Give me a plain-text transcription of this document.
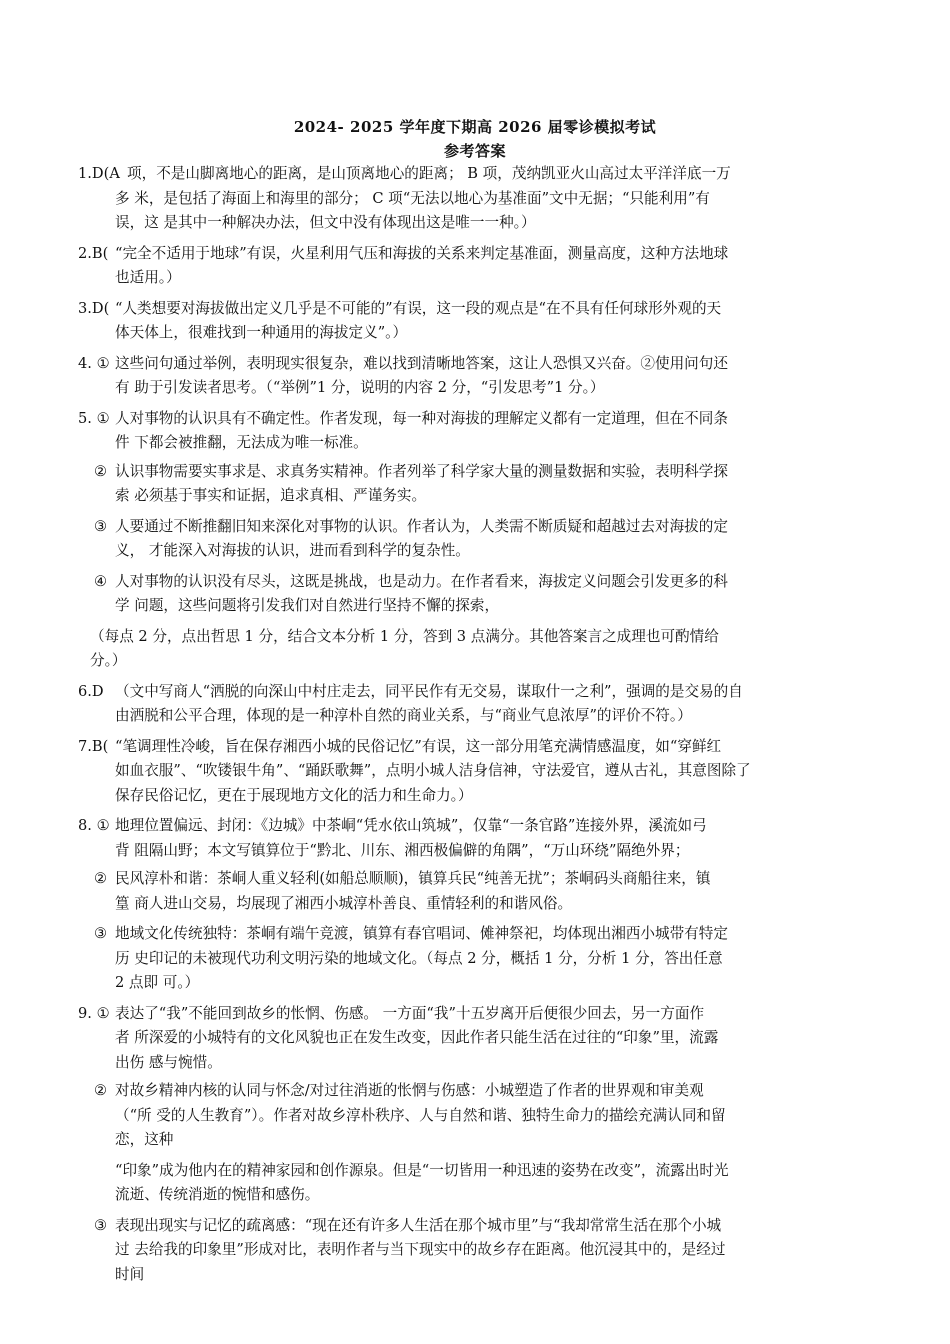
2024- 2025 学年度下期高 2026 届零诊模拟考试
参考答案
1.D(A 项，不是山脚离地心的距离，是山顶离地心的距离； B 项，茂纳凯亚火山高过太平洋洋底一万
多 米，是包括了海面上和海里的部分； C 项“无法以地心为基准面”文中无据；“只能利用”有
误，这 是其中一种解决办法，但文中没有体现出这是唯一一种。）
2.B( “完全不适用于地球”有误，火星利用气压和海拔的关系来判定基准面，测量高度，这种方法地球
也适用。）
3.D( “人类想要对海拔做出定义几乎是不可能的”有误，这一段的观点是“在不具有任何球形外观的天
体天体上，很难找到一种通用的海拔定义”。）
4. ① 这些问句通过举例，表明现实很复杂，难以找到清晰地答案，这让人恐惧又兴奋。②使用问句还
有 助于引发读者思考。（“举例”1 分，说明的内容 2 分，“引发思考”1 分。）
5. ① 人对事物的认识具有不确定性。作者发现，每一种对海拔的理解定义都有一定道理，但在不同条
件 下都会被推翻，无法成为唯一标准。
② 认识事物需要实事求是、求真务实精神。作者列举了科学家大量的测量数据和实验，表明科学探
索 必须基于事实和证据，追求真相、严谨务实。
③ 人要通过不断推翻旧知来深化对事物的认识。作者认为，人类需不断质疑和超越过去对海拔的定
义， 才能深入对海拔的认识，进而看到科学的复杂性。
④ 人对事物的认识没有尽头，这既是挑战，也是动力。在作者看来，海拔定义问题会引发更多的科
学 问题，这些问题将引发我们对自然进行坚持不懈的探索，
（每点 2 分，点出哲思 1 分，结合文本分析 1 分，答到 3 点满分。其他答案言之成理也可酌情给
分。）
6.D （文中写商人“洒脱的向深山中村庄走去，同平民作有无交易，谋取什一之利”，强调的是交易的自
由洒脱和公平合理，体现的是一种淳朴自然的商业关系，与“商业气息浓厚”的评价不符。）
7.B( “笔调理性冷峻，旨在保存湘西小城的民俗记忆”有误，这一部分用笔充满情感温度，如“穿鲜红
如血衣服”、“吹镂银牛角”、“踊跃歌舞”，点明小城人洁身信神，守法爱官，遵从古礼，其意图除了
保存民俗记忆，更在于展现地方文化的活力和生命力。）
8. ① 地理位置偏远、封闭：《边城》中茶峒“凭水依山筑城”，仅靠“一条官路”连接外界，溪流如弓
背 阻隔山野；本文写镇算位于“黔北、川东、湘西极偏僻的角隅”，“万山环绕”隔绝外界；
② 民风淳朴和谐：茶峒人重义轻利(如船总顺顺)，镇算兵民“纯善无扰”；茶峒码头商船往来，镇
篁 商人进山交易，均展现了湘西小城淳朴善良、重情轻利的和谐风俗。
③ 地域文化传统独特：茶峒有端午竞渡，镇算有春官唱词、傩神祭祀，均体现出湘西小城带有特定
历 史印记的未被现代功利文明污染的地域文化。（每点 2 分，概括 1 分，分析 1 分，答出任意
2 点即 可。）
9. ① 表达了“我”不能回到故乡的怅惘、伤感。 一方面“我”十五岁离开后便很少回去，另一方面作
者 所深爱的小城特有的文化风貌也正在发生改变，因此作者只能生活在过往的“印象”里，流露
出伤 感与惋惜。
② 对故乡精神内核的认同与怀念/对过往消逝的怅惘与伤感：小城塑造了作者的世界观和审美观
（“所 受的人生教育”）。作者对故乡淳朴秩序、人与自然和谐、独特生命力的描绘充满认同和留
恋，这种
“印象”成为他内在的精神家园和创作源泉。但是“一切皆用一种迅速的姿势在改变”，流露出时光
流逝、传统消逝的惋惜和感伤。
③ 表现出现实与记忆的疏离感：“现在还有许多人生活在那个城市里”与“我却常常生活在那个小城
过 去给我的印象里”形成对比，表明作者与当下现实中的故乡存在距离。他沉浸其中的，是经过
时间
